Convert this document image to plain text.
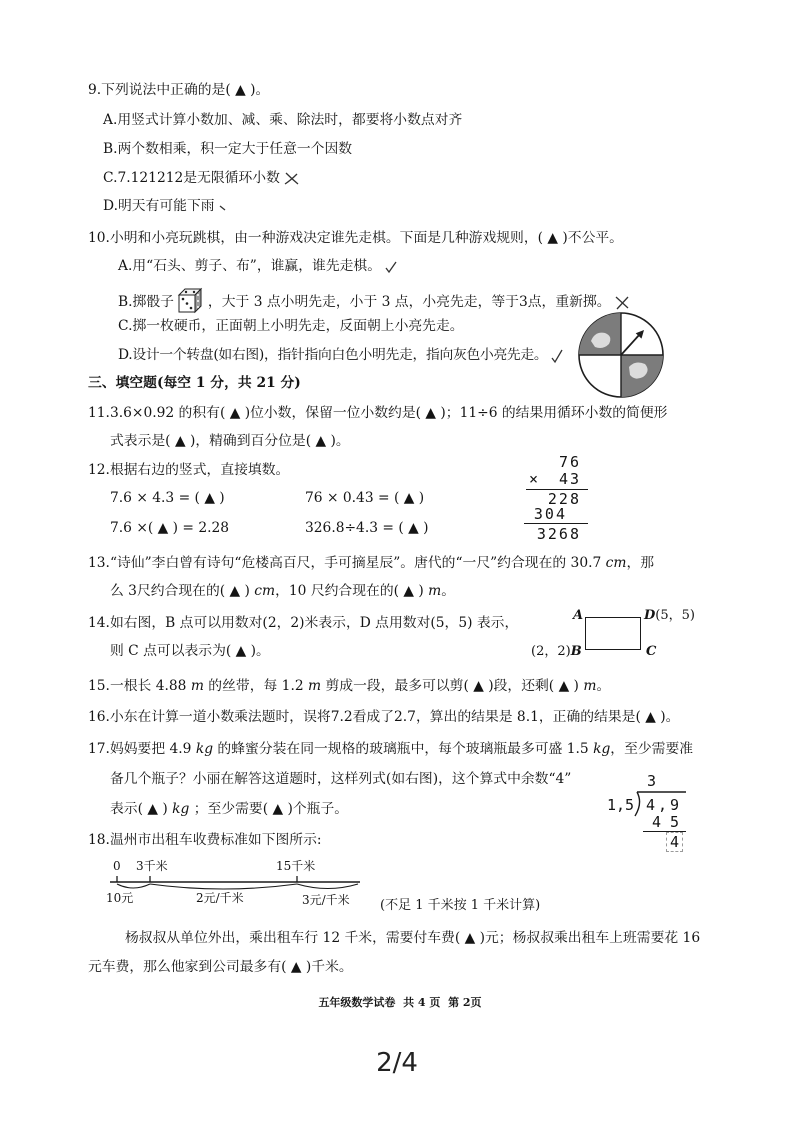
9.下列说法中正确的是( ▲ )。
A.用竖式计算小数加、减、乘、除法时，都要将小数点对齐
B.两个数相乘，积一定大于任意一个因数
C.7.121212是无限循环小数
D.明天有可能下雨
10.小明和小亮玩跳棋，由一种游戏决定谁先走棋。下面是几种游戏规则，( ▲ )不公平。
A.用“石头、剪子、布”，谁赢，谁先走棋。
B.掷骰子 ，大于 3 点小明先走，小于 3 点，小亮先走，等于3点，重新掷。
C.掷一枚硬币，正面朝上小明先走，反面朝上小亮先走。
D.设计一个转盘(如右图)，指针指向白色小明先走，指向灰色小亮先走。
三、填空题(每空 1 分，共 21 分)
11.3.6×0.92 的积有( ▲ )位小数，保留一位小数约是( ▲ )；11÷6 的结果用循环小数的简便形
式表示是( ▲ )，精确到百分位是( ▲ )。
12.根据右边的竖式，直接填数。
7.6 × 4.3 = ( ▲ )	76 × 0.43 = ( ▲ )
7.6 ×( ▲ ) = 2.28	326.8÷4.3 = ( ▲ )
76
×	43
228
304
3268
13.“诗仙”李白曾有诗句“危楼高百尺，手可摘星辰”。唐代的“一尺”约合现在的 30.7 cm，那
么 3尺约合现在的( ▲ ) cm，10 尺约合现在的( ▲ ) m。
14.如右图，B 点可以用数对(2，2)米表示，D 点用数对(5，5) 表示，
则 C 点可以表示为( ▲ )。
A	D(5，5)
(2，2)B	C
15.一根长 4.88 m 的丝带，每 1.2 m 剪成一段，最多可以剪( ▲ )段，还剩( ▲ ) m。
16.小东在计算一道小数乘法题时，误将7.2看成了2.7，算出的结果是 8.1，正确的结果是( ▲ )。
17.妈妈要把 4.9 kg 的蜂蜜分装在同一规格的玻璃瓶中，每个玻璃瓶最多可盛 1.5 kg，至少需要准
备几个瓶子？小丽在解答这道题时，这样列式(如右图)，这个算式中余数“4”
表示( ▲ ) kg ；至少需要( ▲ )个瓶子。
3
1,5 4,9
4 5
4
18.温州市出租车收费标准如下图所示:
0 3千米	15千米
10元	2元/千米	3元/千米 (不足 1 千米按 1 千米计算)
杨叔叔从单位外出，乘出租车行 12 千米，需要付车费( ▲ )元；杨叔叔乘出租车上班需要花 16
元车费，那么他家到公司最多有( ▲ )千米。
五年级数学试卷  共 4 页  第 2页
2/4
